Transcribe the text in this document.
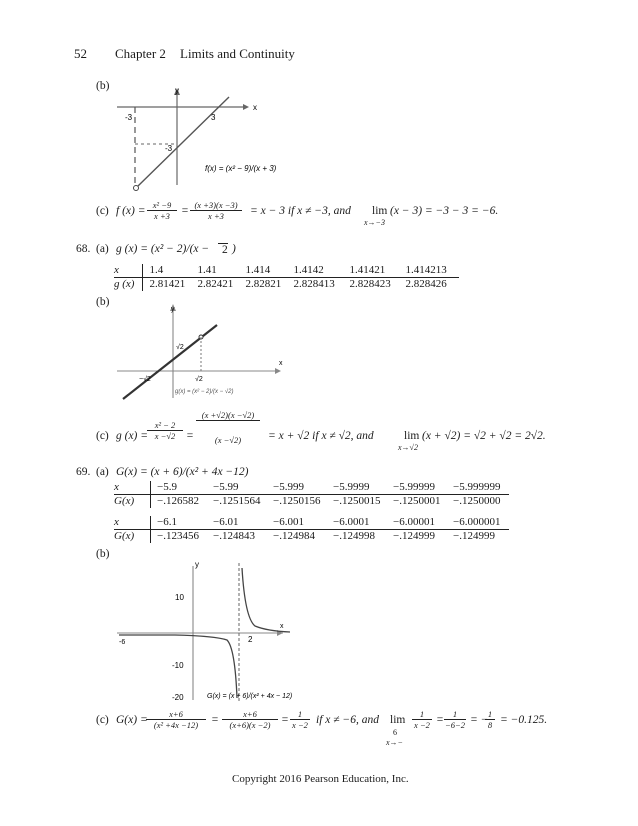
52 Chapter 2 Limits and Continuity
(b)	y
x
-3	3
-3
f(x) = (x² − 9)/(x + 3)
(c) f $(x) = \frac{\text{x² −9}}{x +3} = \frac{(x +3)(x -3)}{x +3} = x - 3$ if x ≠ −3, and lim
x→−3
(x − 3) = −3 − 3 = −6.
68. (a) g (x) = (x² − 2)/(x −	2 )
x	1.4	1.41	1.414	1.4142	1.41421	1.414213
g (x)	2.81421	2.82421	2.82821	2.828413	2.828423	2.828426
(b)
y
x
√2
−√2	√2
g(x) = (x² − 2)/(x − √2)
(c) g (x) =
$\frac{\text{x² − 2}}{x -√2} = \frac{(x +√2)(x -√2)}{(x -√2)} = x + √2$ if x ≠ √2, and	lim
x→√2
(x + √2) = √2 + √2 = 2√2.
69. (a) G(x) = (x + 6)/(x² + 4x −12)
x	−5.9	−5.99	−5.999	−5.9999	−5.99999	−5.999999
G(x)	−.126582	−.1251564	−.1250156	−.1250015	−.1250001	−.1250000
x	−6.1	−6.01	−6.001	−6.0001	−6.00001	−6.000001
G(x)	−.123456	−.124843	−.124984	−.124998	−.124999	−.124999
(b)
y
x
10
-10
-20
-6	2
G(x) = (x + 6)/(x² + 4x − 12)
(c) G(x) =
$\frac{x+6}{\text{(x² +4x −12)}} = \frac{x+6}{(x+6)(x -2)} = \frac{1}{x -2}$ if x ≠ −6, and lim
6
x→−
$\frac{1}{x -2} = \frac{1}{-6-2}$ = −
$\frac{1}{8} = -0.125$.
Copyright 2016 Pearson Education, Inc.
